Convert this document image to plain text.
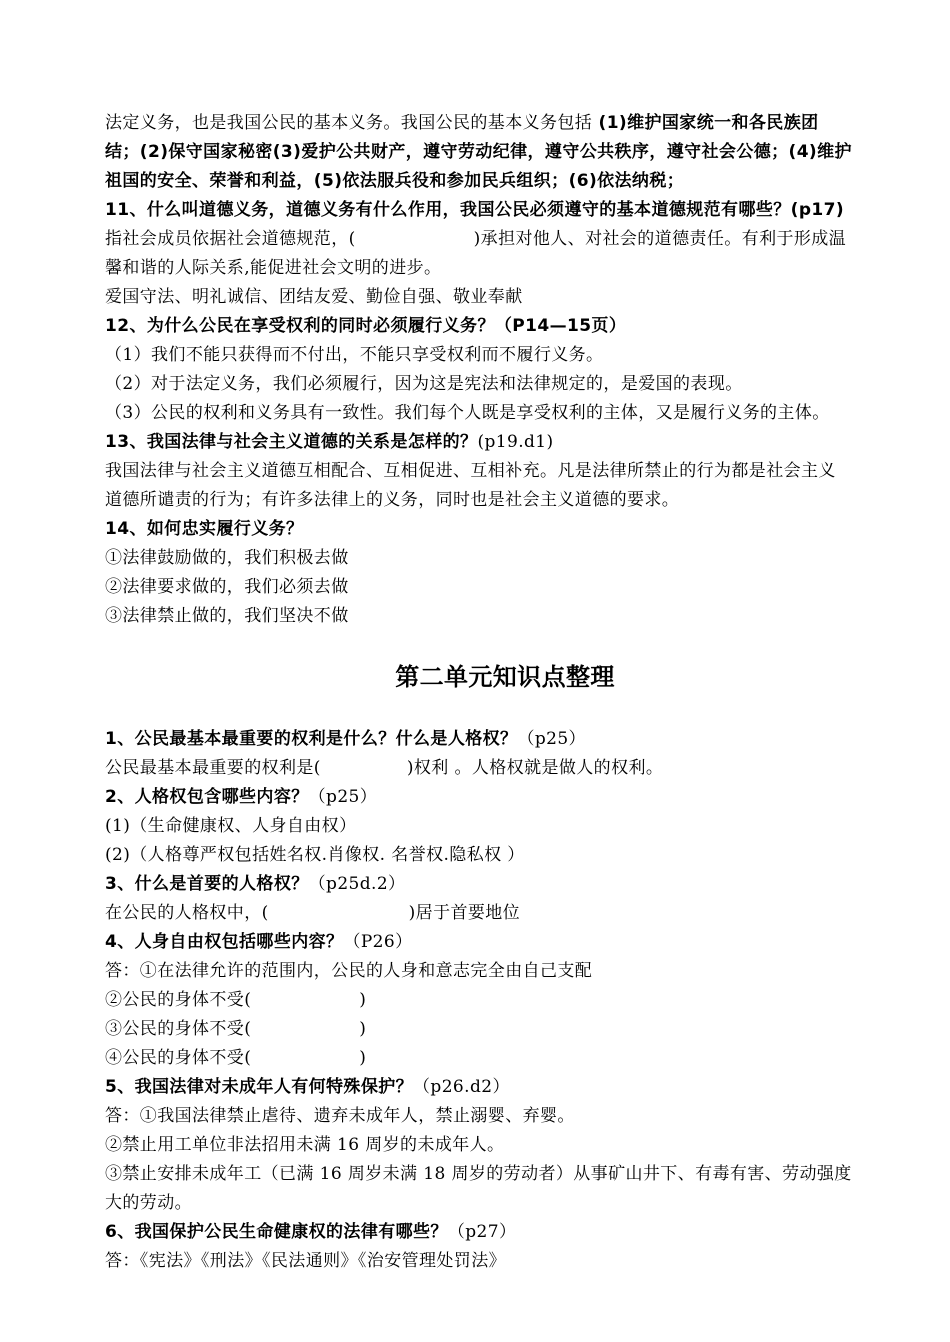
法定义务，也是我国公民的基本义务。我国公民的基本义务包括 (1)维护国家统一和各民族团
结；(2)保守国家秘密(3)爱护公共财产，遵守劳动纪律，遵守公共秩序，遵守社会公德；(4)维护
祖国的安全、荣誉和利益，(5)依法服兵役和参加民兵组织；(6)依法纳税；
11、什么叫道德义务，道德义务有什么作用，我国公民必须遵守的基本道德规范有哪些？(p17)
指社会成员依据社会道德规范，(	)承担对他人、对社会的道德责任。有利于形成温
馨和谐的人际关系,能促进社会文明的进步。
爱国守法、明礼诚信、团结友爱、勤俭自强、敬业奉献
12、为什么公民在享受权利的同时必须履行义务？（P14—15页）
（1）我们不能只获得而不付出，不能只享受权利而不履行义务。
（2）对于法定义务，我们必须履行，因为这是宪法和法律规定的，是爱国的表现。
（3）公民的权利和义务具有一致性。我们每个人既是享受权利的主体，又是履行义务的主体。
13、我国法律与社会主义道德的关系是怎样的？(p19.d1)
我国法律与社会主义道德互相配合、互相促进、互相补充。凡是法律所禁止的行为都是社会主义
道德所谴责的行为；有许多法律上的义务，同时也是社会主义道德的要求。
14、如何忠实履行义务？
①法律鼓励做的，我们积极去做
②法律要求做的，我们必须去做
③法律禁止做的，我们坚决不做
第二单元知识点整理
1、公民最基本最重要的权利是什么？什么是人格权？（p25）
公民最基本最重要的权利是(	)权利 。人格权就是做人的权利。
2、人格权包含哪些内容？（p25）
(1)（生命健康权、人身自由权）
(2)（人格尊严权包括姓名权.肖像权. 名誉权.隐私权 ）
3、什么是首要的人格权？（p25d.2）
在公民的人格权中，(	)居于首要地位
4、人身自由权包括哪些内容？（P26）
答：①在法律允许的范围内，公民的人身和意志完全由自己支配
②公民的身体不受(	)
③公民的身体不受(	)
④公民的身体不受(	)
5、我国法律对未成年人有何特殊保护？（p26.d2）
答：①我国法律禁止虐待、遗弃未成年人，禁止溺婴、弃婴。
②禁止用工单位非法招用未满 16 周岁的未成年人。
③禁止安排未成年工（已满 16 周岁未满 18 周岁的劳动者）从事矿山井下、有毒有害、劳动强度
大的劳动。
6、我国保护公民生命健康权的法律有哪些？（p27）
答：《宪法》《刑法》《民法通则》《治安管理处罚法》
